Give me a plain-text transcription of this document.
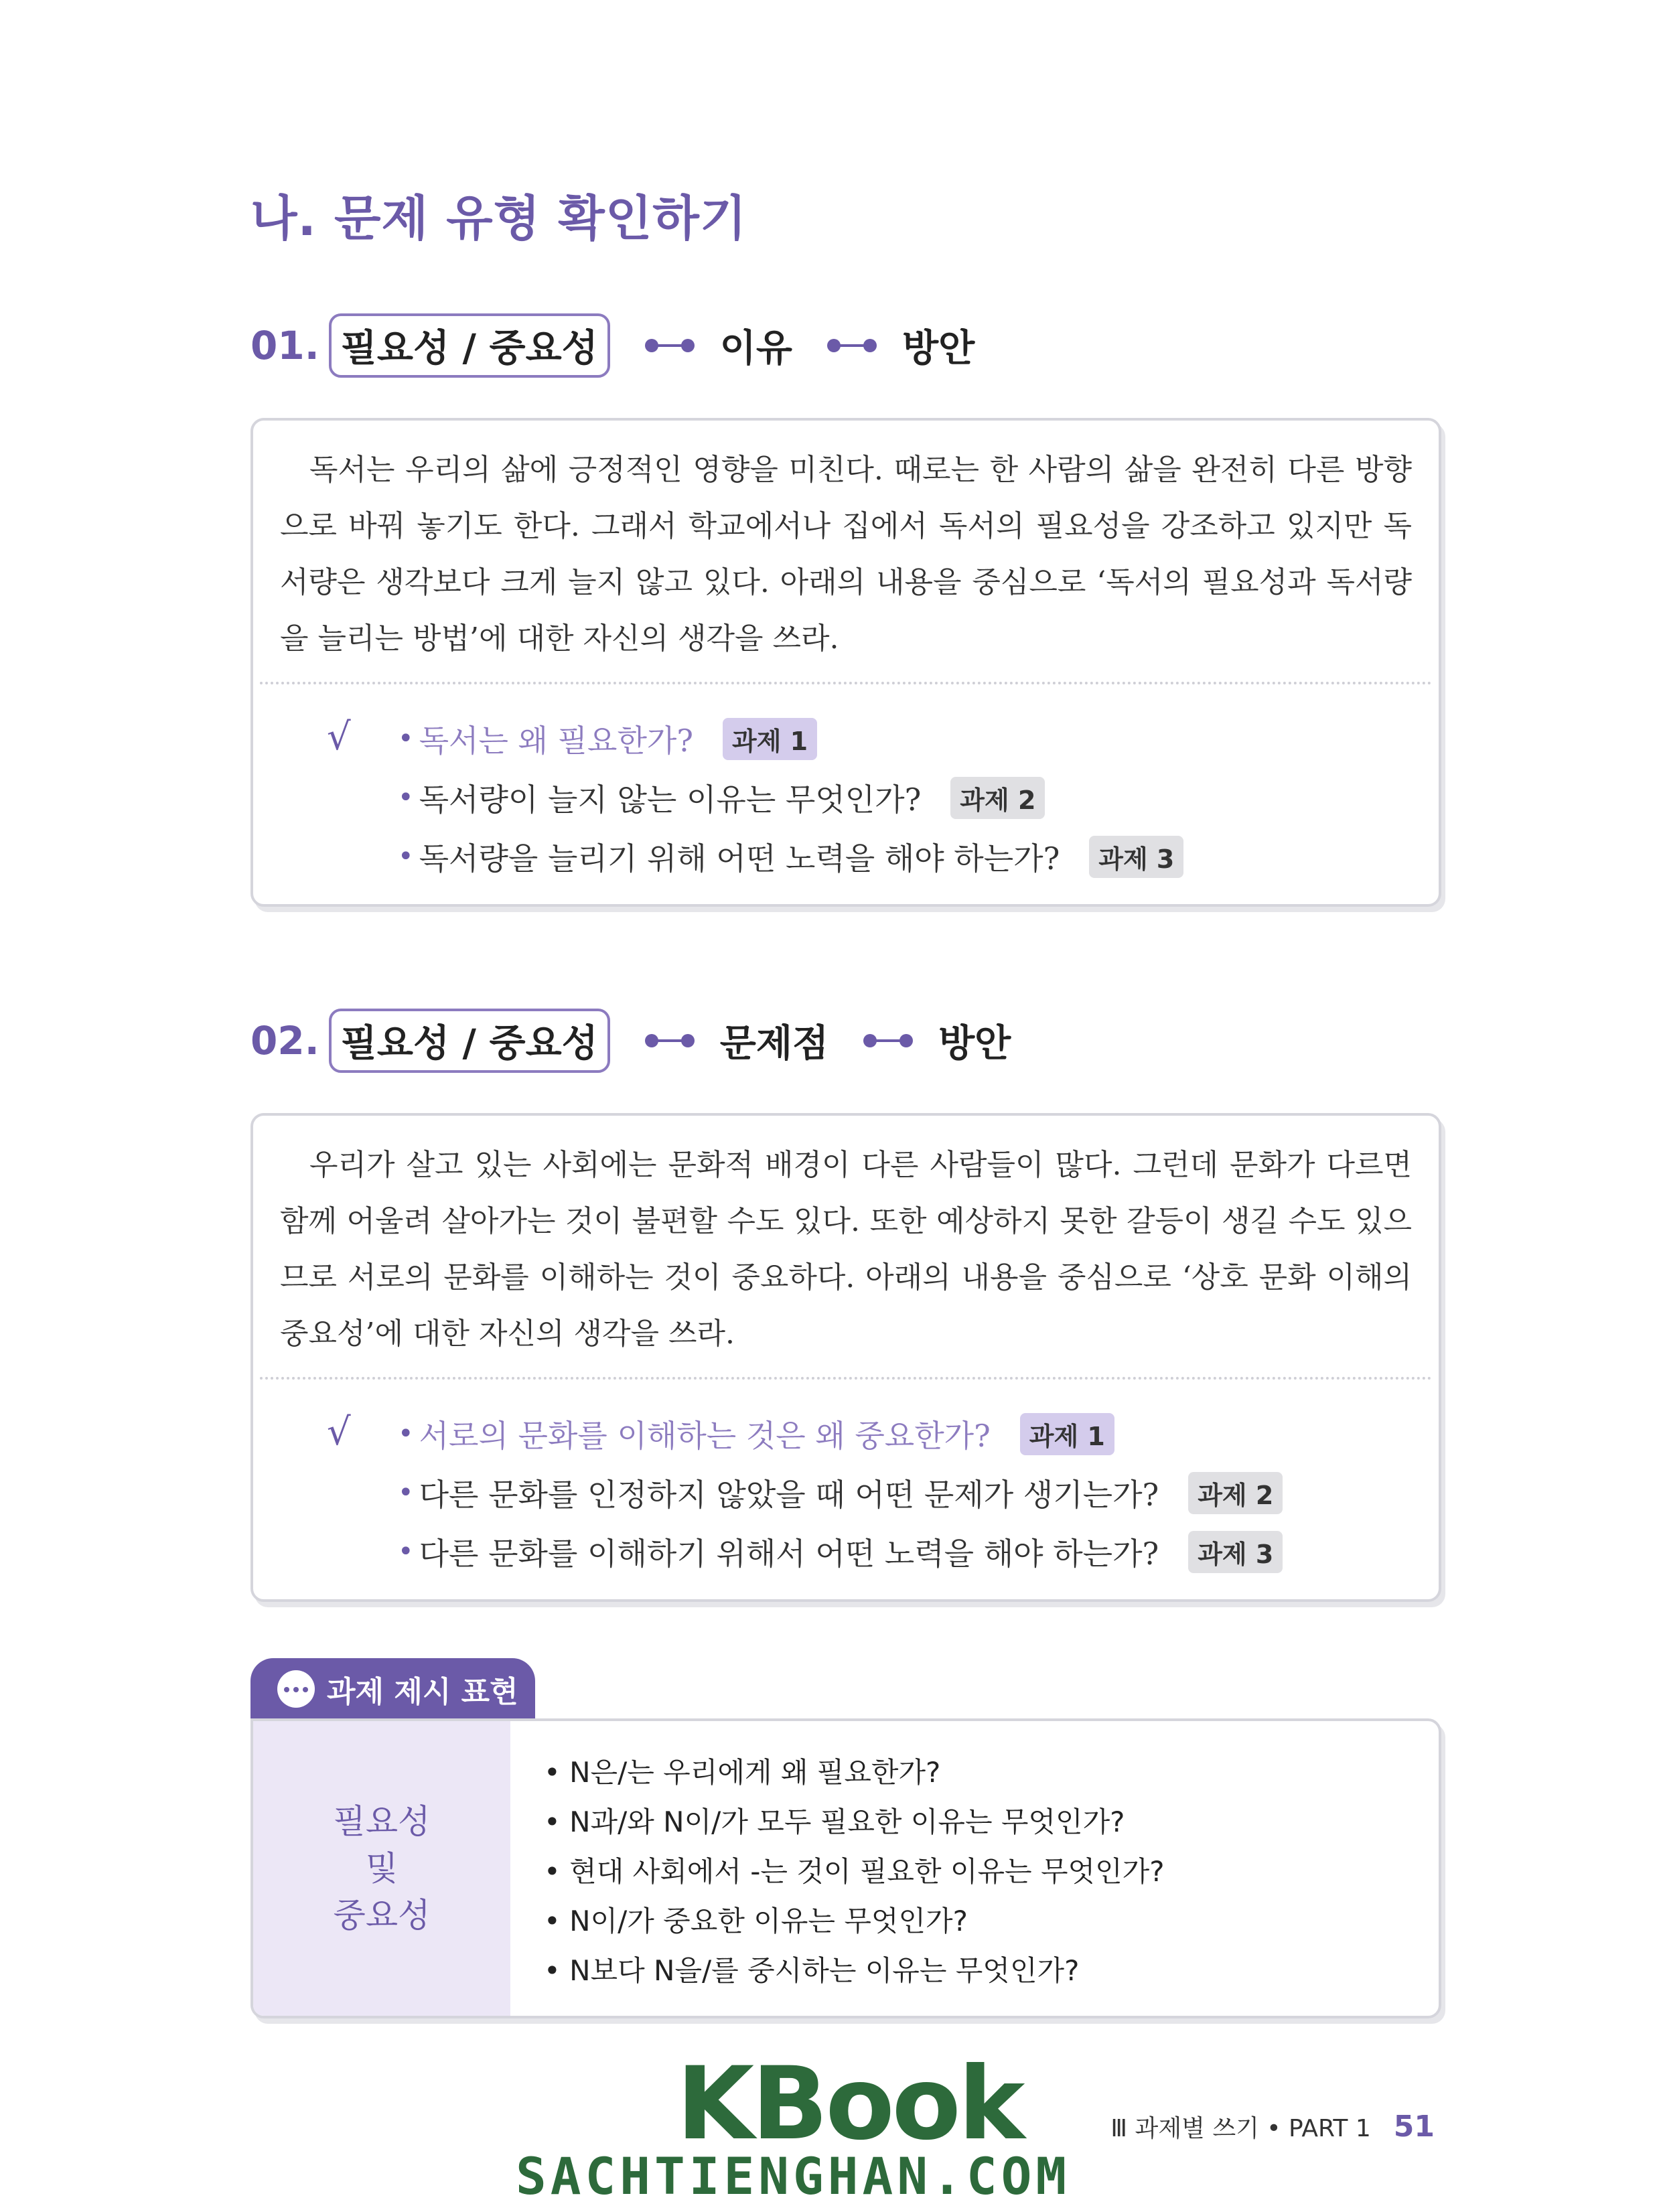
나. 문제 유형 확인하기
01. 필요성 / 중요성	이유	방안
독서는 우리의 삶에 긍정적인 영향을 미친다. 때로는 한 사람의 삶을 완전히 다른 방향으로 바꿔 놓기도 한다. 그래서 학교에서나 집에서 독서의 필요성을 강조하고 있지만 독서량은 생각보다 크게 늘지 않고 있다. 아래의 내용을 중심으로 ‘독서의 필요성과 독서량을 늘리는 방법’에 대한 자신의 생각을 쓰라.
√ • 독서는 왜 필요한가?	과제 1
• 독서량이 늘지 않는 이유는 무엇인가?	과제 2
• 독서량을 늘리기 위해 어떤 노력을 해야 하는가?	과제 3
02. 필요성 / 중요성	문제점	방안
우리가 살고 있는 사회에는 문화적 배경이 다른 사람들이 많다. 그런데 문화가 다르면 함께 어울려 살아가는 것이 불편할 수도 있다. 또한 예상하지 못한 갈등이 생길 수도 있으므로 서로의 문화를 이해하는 것이 중요하다. 아래의 내용을 중심으로 ‘상호 문화 이해의 중요성’에 대한 자신의 생각을 쓰라.
√ • 서로의 문화를 이해하는 것은 왜 중요한가?	과제 1
• 다른 문화를 인정하지 않았을 때 어떤 문제가 생기는가?	과제 2
• 다른 문화를 이해하기 위해서 어떤 노력을 해야 하는가?	과제 3
과제 제시 표현
필요성
및
중요성
• N은/는 우리에게 왜 필요한가?
• N과/와 N이/가 모두 필요한 이유는 무엇인가?
• 현대 사회에서 -는 것이 필요한 이유는 무엇인가?
• N이/가 중요한 이유는 무엇인가?
• N보다 N을/를 중시하는 이유는 무엇인가?
KBook
SACHTIENGHAN.COM
Ⅲ 과제별 쓰기 • PART 1 51
